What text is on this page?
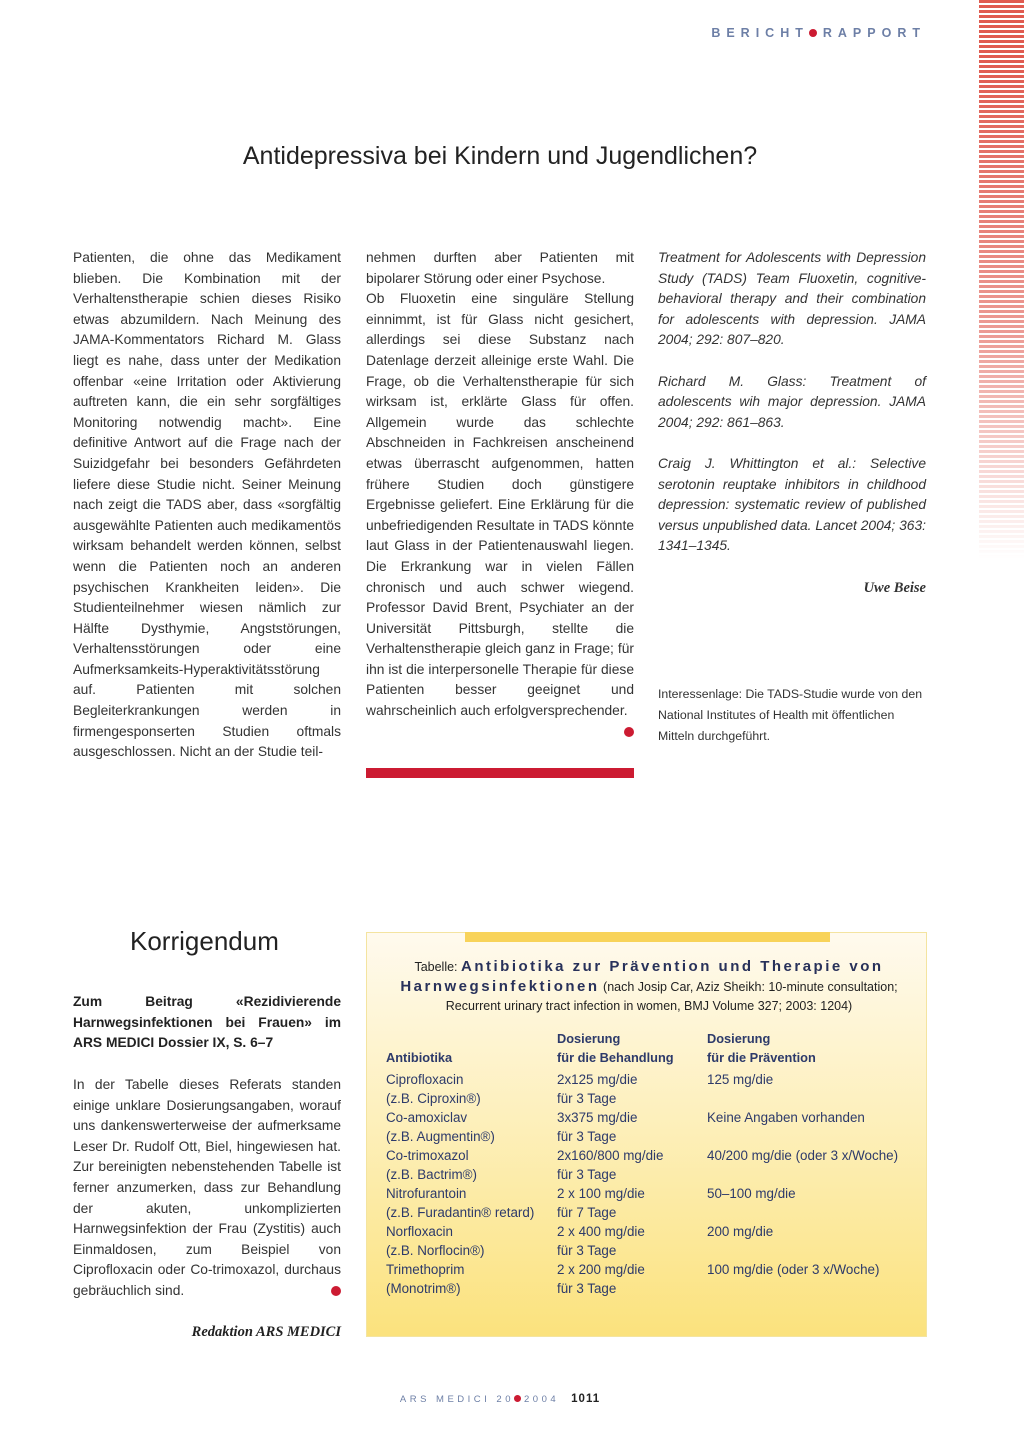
BERICHT RAPPORT
Antidepressiva bei Kindern und Jugendlichen?

Patienten, die ohne das Medikament blieben. Die Kombination mit der Verhaltenstherapie schien dieses Risiko etwas abzumildern. Nach Meinung des JAMA-Kommentators Richard M. Glass liegt es nahe, dass unter der Medikation offenbar «eine Irritation oder Aktivierung auftreten kann, die ein sehr sorgfältiges Monitoring notwendig macht». Eine definitive Antwort auf die Frage nach der Suizidgefahr bei besonders Gefährdeten liefere diese Studie nicht. Seiner Meinung nach zeigt die TADS aber, dass «sorgfältig ausgewählte Patienten auch medikamentös wirksam behandelt werden können, selbst wenn die Patienten noch an anderen psychischen Krankheiten leiden». Die Studienteilnehmer wiesen nämlich zur Hälfte Dysthymie, Angststörungen, Verhaltensstörungen oder eine Aufmerksamkeits-Hyperaktivitätsstörung auf. Patienten mit solchen Begleiterkrankungen werden in firmengesponserten Studien oftmals ausgeschlossen. Nicht an der Studie teil-

nehmen durften aber Patienten mit bipolarer Störung oder einer Psychose.

Ob Fluoxetin eine singuläre Stellung einnimmt, ist für Glass nicht gesichert, allerdings sei diese Substanz nach Datenlage derzeit alleinige erste Wahl. Die Frage, ob die Verhaltenstherapie für sich wirksam ist, erklärte Glass für offen. Allgemein wurde das schlechte Abschneiden in Fachkreisen anscheinend etwas überrascht aufgenommen, hatten frühere Studien doch günstigere Ergebnisse geliefert. Eine Erklärung für die unbefriedigenden Resultate in TADS könnte laut Glass in der Patientenauswahl liegen. Die Erkrankung war in vielen Fällen chronisch und auch schwer wiegend. Professor David Brent, Psychiater an der Universität Pittsburgh, stellte die Verhaltenstherapie gleich ganz in Frage; für ihn ist die interpersonelle Therapie für diese Patienten besser geeignet und wahrscheinlich auch erfolgversprechender.

Treatment for Adolescents with Depression Study (TADS) Team Fluoxetin, cognitive-behavioral therapy and their combination for adolescents with depression. JAMA 2004; 292: 807–820.

Richard M. Glass: Treatment of adolescents wih major depression. JAMA 2004; 292: 861–863.

Craig J. Whittington et al.: Selective serotonin reuptake inhibitors in childhood depression: systematic review of published versus unpublished data. Lancet 2004; 363: 1341–1345.

Uwe Beise
Interessenlage: Die TADS-Studie wurde von den National Institutes of Health mit öffentlichen Mitteln durchgeführt.
Korrigendum
Zum Beitrag «Rezidivierende Harnwegsinfektionen bei Frauen» im ARS MEDICI Dossier IX, S. 6–7

In der Tabelle dieses Referats standen einige unklare Dosierungsangaben, worauf uns dankenswerterweise der aufmerksame Leser Dr. Rudolf Ott, Biel, hingewiesen hat. Zur bereinigten nebenstehenden Tabelle ist ferner anzumerken, dass zur Behandlung der akuten, unkomplizierten Harnwegsinfektion der Frau (Zystitis) auch Einmaldosen, zum Beispiel von Ciprofloxacin oder Co-trimoxazol, durchaus gebräuchlich sind.

Redaktion ARS MEDICI
Tabelle: Antibiotika zur Prävention und Therapie von Harnwegsinfektionen (nach Josip Car, Aziz Sheikh: 10-minute consultation; Recurrent urinary tract infection in women, BMJ Volume 327; 2003: 1204)
	Dosierung	Dosierung
Antibiotika	für die Behandlung	für die Prävention
Ciprofloxacin	2x125 mg/die	125 mg/die
(z.B. Ciproxin®)	für 3 Tage	
Co-amoxiclav	3x375 mg/die	Keine Angaben vorhanden
(z.B. Augmentin®)	für 3 Tage	
Co-trimoxazol	2x160/800 mg/die	40/200 mg/die (oder 3 x/Woche)
(z.B. Bactrim®)	für 3 Tage	
Nitrofurantoin	2 x 100 mg/die	50–100 mg/die
(z.B. Furadantin® retard)	für 7 Tage	
Norfloxacin	2 x 400 mg/die	200 mg/die
(z.B. Norflocin®)	für 3 Tage	
Trimethoprim	2 x 200 mg/die	100 mg/die (oder 3 x/Woche)
(Monotrim®)	für 3 Tage	
ARS MEDICI 20 2004 1011
